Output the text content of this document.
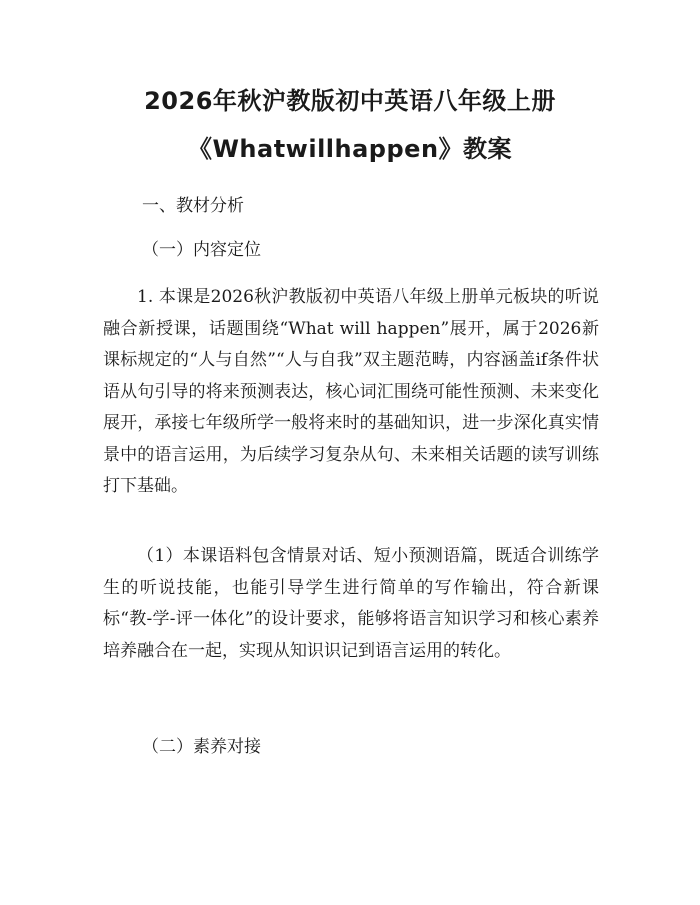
2026年秋沪教版初中英语八年级上册
《Whatwillhappen》教案
一、教材分析
（一）内容定位

1. 本课是2026秋沪教版初中英语八年级上册单元板块的听说融合新授课，话题围绕“What will happen”展开，属于2026新课标规定的“人与自然”“人与自我”双主题范畴，内容涵盖if条件状语从句引导的将来预测表达，核心词汇围绕可能性预测、未来变化展开，承接七年级所学一般将来时的基础知识，进一步深化真实情景中的语言运用，为后续学习复杂从句、未来相关话题的读写训练打下基础。

（1）本课语料包含情景对话、短小预测语篇，既适合训练学生的听说技能，也能引导学生进行简单的写作输出，符合新课标“教-学-评一体化”的设计要求，能够将语言知识学习和核心素养培养融合在一起，实现从知识识记到语言运用的转化。

（二）素养对接
